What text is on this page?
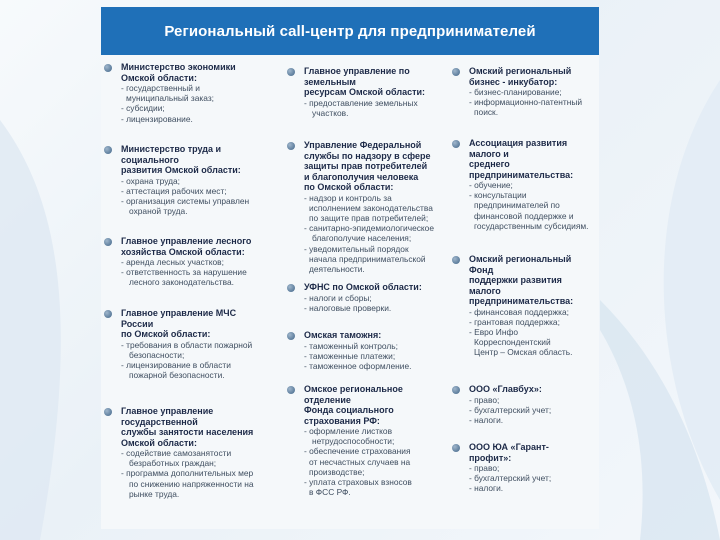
Региональный call-центр для предпринимателей
Министерство экономики
Омской области:
- государственный и
муниципальный заказ;
- субсидии;
- лицензирование.
Министерство труда и
социального
развития Омской области:
- охрана труда;
- аттестация рабочих мест;
- организация системы управлен
охраной труда.
Главное управление лесного
хозяйства Омской области:
- аренда лесных участков;
- ответственность за нарушение
лесного законодательства.
Главное управление МЧС
России
по Омской области:
- требования в области пожарной
безопасности;
- лицензирование в области
пожарной безопасности.
Главное управление
государственной
службы занятости населения
Омской области:
- содействие самозанятости
безработных граждан;
- программа дополнительных мер
по снижению напряженности на
рынке труда.
Главное управление по
земельным
ресурсам Омской области:
- предоставление земельных
участков.
Управление Федеральной
службы по надзору в сфере
защиты прав потребителей
и благополучия человека
по Омской области:
- надзор и контроль за
исполнением законодательства
по защите прав потребителей;
- санитарно-эпидемиологическое
благополучие населения;
- уведомительный порядок
начала предпринимательской
деятельности.
УФНС по Омской области:
- налоги и сборы;
- налоговые проверки.
Омская таможня:
- таможенный контроль;
- таможенные платежи;
- таможенное оформление.
Омское региональное
отделение
Фонда социального
страхования РФ:
- оформление листков
нетрудоспособности;
- обеспечение страхования
от несчастных случаев на
производстве;
- уплата страховых взносов
в ФСС РФ.
Омский региональный
бизнес - инкубатор:
- бизнес-планирование;
- информационно-патентный
поиск.
Ассоциация развития
малого и
среднего
предпринимательства:
- обучение;
- консультации
предпринимателей по
финансовой поддержке и
государственным субсидиям.
Омский региональный
Фонд
поддержки развития
малого
предпринимательства:
- финансовая поддержка;
- грантовая поддержка;
- Евро Инфо
Корреспондентский
Центр – Омская область.
ООО «Главбух»:
- право;
- бухгалтерский учет;
- налоги.
ООО ЮА «Гарант-
профит»:
- право;
- бухгалтерский учет;
- налоги.
